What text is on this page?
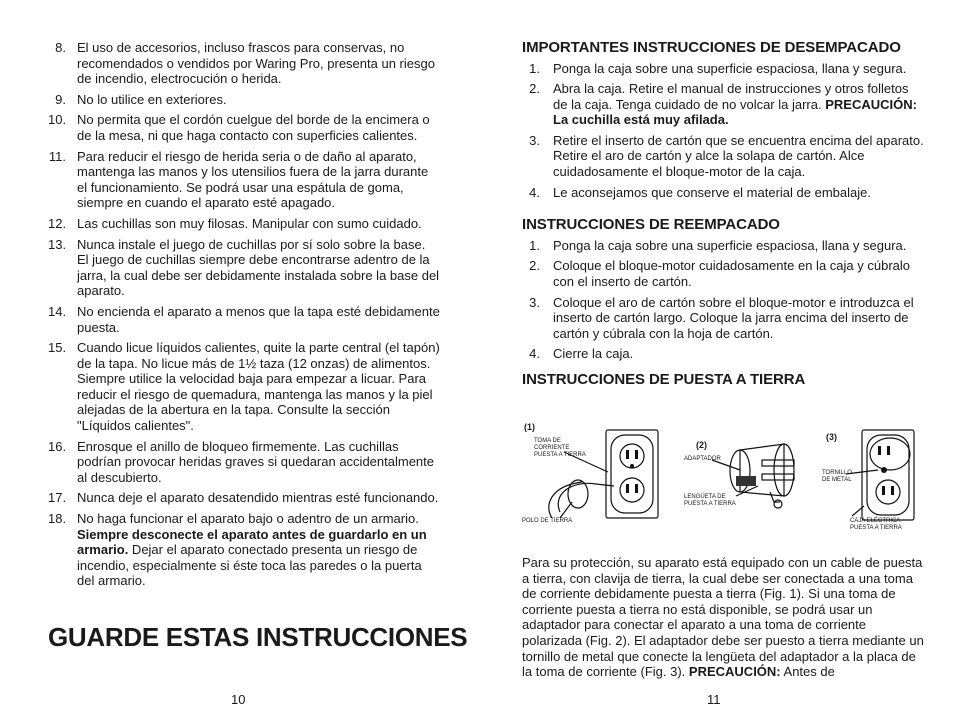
8. El uso de accesorios, incluso frascos para conservas, no recomendados o vendidos por Waring Pro, presenta un riesgo de incendio, electrocución o herida.
9. No lo utilice en exteriores.
10. No permita que el cordón cuelgue del borde de la encimera o de la mesa, ni que haga contacto con superficies calientes.
11. Para reducir el riesgo de herida seria o de daño al aparato, mantenga las manos y los utensilios fuera de la jarra durante el funcionamiento. Se podrá usar una espátula de goma, siempre en cuando el aparato esté apagado.
12. Las cuchillas son muy filosas. Manipular con sumo cuidado.
13. Nunca instale el juego de cuchillas por sí solo sobre la base. El juego de cuchillas siempre debe encontrarse adentro de la jarra, la cual debe ser debidamente instalada sobre la base del aparato.
14. No encienda el aparato a menos que la tapa esté debidamente puesta.
15. Cuando licue líquidos calientes, quite la parte central (el tapón) de la tapa. No licue más de 1½ taza (12 onzas) de alimentos. Siempre utilice la velocidad baja para empezar a licuar. Para reducir el riesgo de quemadura, mantenga las manos y la piel alejadas de la abertura en la tapa. Consulte la sección "Líquidos calientes".
16. Enrosque el anillo de bloqueo firmemente. Las cuchillas podrían provocar heridas graves si quedaran accidentalmente al descubierto.
17. Nunca deje el aparato desatendido mientras esté funcionando.
18. No haga funcionar el aparato bajo o adentro de un armario. Siempre desconecte el aparato antes de guardarlo en un armario. Dejar el aparato conectado presenta un riesgo de incendio, especialmente si éste toca las paredes o la puerta del armario.
GUARDE ESTAS INSTRUCCIONES
10
IMPORTANTES INSTRUCCIONES DE DESEMPACADO
1. Ponga la caja sobre una superficie espaciosa, llana y segura.
2. Abra la caja. Retire el manual de instrucciones y otros folletos de la caja. Tenga cuidado de no volcar la jarra. PRECAUCIÓN: La cuchilla está muy afilada.
3. Retire el inserto de cartón que se encuentra encima del aparato. Retire el aro de cartón y alce la solapa de cartón. Alce cuidadosamente el bloque-motor de la caja.
4. Le aconsejamos que conserve el material de embalaje.
INSTRUCCIONES DE REEMPACADO
1. Ponga la caja sobre una superficie espaciosa, llana y segura.
2. Coloque el bloque-motor cuidadosamente en la caja y cúbralo con el inserto de cartón.
3. Coloque el aro de cartón sobre el bloque-motor e introduzca el inserto de cartón largo. Coloque la jarra encima del inserto de cartón y cúbrala con la hoja de cartón.
4. Cierre la caja.
INSTRUCCIONES DE PUESTA A TIERRA
(1)
(2)
(3)
TOMA DE CORRIENTE PUESTA A TIERRA
POLO DE TIERRA
ADAPTADOR
LENGÜETA DE PUESTA A TIERRA
TORNILLO DE METAL
CAJA ELÉCTRICA PUESTA A TIERRA

Para su protección, su aparato está equipado con un cable de puesta a tierra, con clavija de tierra, la cual debe ser conectada a una toma de corriente debidamente puesta a tierra (Fig. 1). Si una toma de corriente puesta a tierra no está disponible, se podrá usar un adaptador para conectar el aparato a una toma de corriente polarizada (Fig. 2). El adaptador debe ser puesto a tierra mediante un tornillo de metal que conecte la lengüeta del adaptador a la placa de la toma de corriente (Fig. 3). PRECAUCIÓN: Antes de

11
